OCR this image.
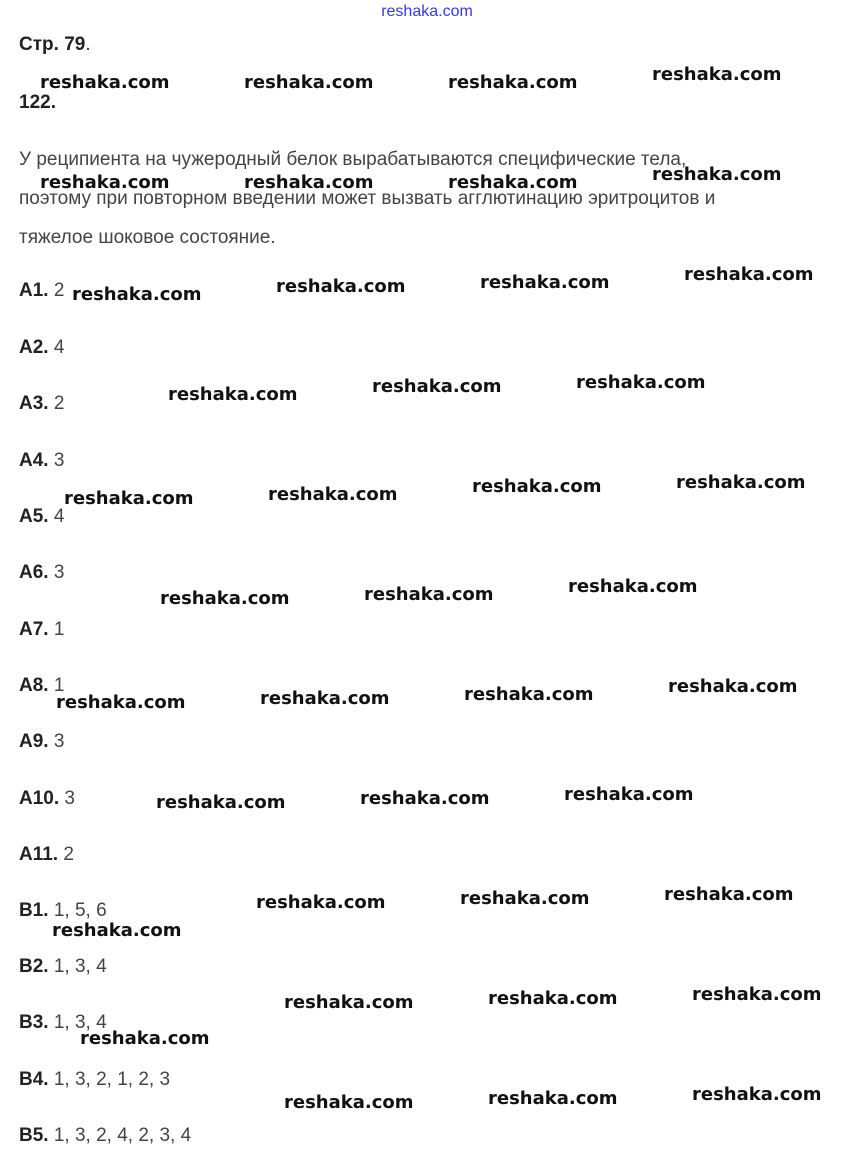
reshaka.com
Стр. 79.
122.
У реципиента на чужеродный белок вырабатываются специфические тела,
поэтому при повторном введении может вызвать агглютинацию эритроцитов и
тяжелое шоковое состояние.
А1. 2
А2. 4
А3. 2
А4. 3
А5. 4
А6. 3
А7. 1
А8. 1
А9. 3
А10. 3
А11. 2
В1. 1, 5, 6
В2. 1, 3, 4
В3. 1, 3, 4
В4. 1, 3, 2, 1, 2, 3
В5. 1, 3, 2, 4, 2, 3, 4
reshaka.com	reshaka.com	reshaka.com	reshaka.com
reshaka.com	reshaka.com	reshaka.com	reshaka.com
reshaka.com	reshaka.com	reshaka.com	reshaka.com
reshaka.com	reshaka.com	reshaka.com
reshaka.com	reshaka.com	reshaka.com	reshaka.com
reshaka.com	reshaka.com	reshaka.com
reshaka.com	reshaka.com	reshaka.com	reshaka.com
reshaka.com	reshaka.com	reshaka.com
reshaka.com	reshaka.com	reshaka.com
reshaka.com
reshaka.com	reshaka.com	reshaka.com
reshaka.com
reshaka.com	reshaka.com	reshaka.com
